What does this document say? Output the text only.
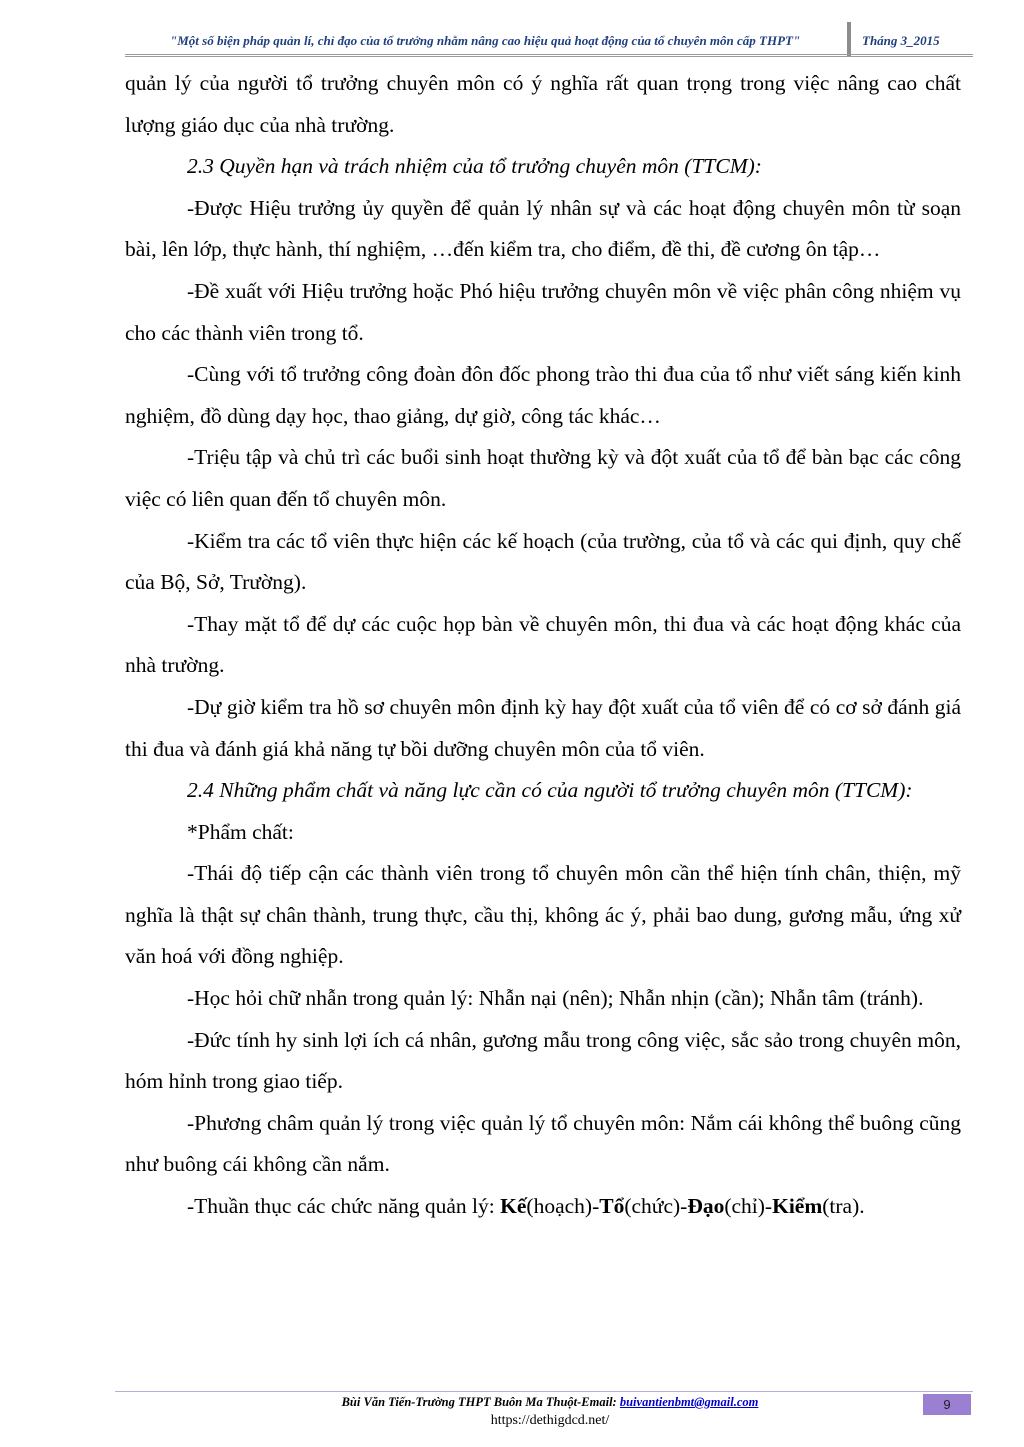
"Một số biện pháp quản lí, chỉ đạo của tổ trưởng nhằm nâng cao hiệu quả hoạt động của tổ chuyên môn cấp THPT"	Tháng 3_2015

quản lý của người tổ trưởng chuyên môn có ý nghĩa rất quan trọng trong việc nâng cao chất lượng giáo dục của nhà trường.

2.3 Quyền hạn và trách nhiệm của tổ trưởng chuyên môn (TTCM):

-Được Hiệu trưởng ủy quyền để quản lý nhân sự và các hoạt động chuyên môn từ soạn bài, lên lớp, thực hành, thí nghiệm, …đến kiểm tra, cho điểm, đề thi, đề cương ôn tập…

-Đề xuất với Hiệu trưởng hoặc Phó hiệu trưởng chuyên môn về việc phân công nhiệm vụ cho các thành viên trong tổ.

-Cùng với tổ trưởng công đoàn đôn đốc phong trào thi đua của tổ như viết sáng kiến kinh nghiệm, đồ dùng dạy học, thao giảng, dự giờ, công tác khác…

-Triệu tập và chủ trì các buổi sinh hoạt thường kỳ và đột xuất của tổ để bàn bạc các công việc có liên quan đến tổ chuyên môn.

-Kiểm tra các tổ viên thực hiện các kế hoạch (của trường, của tổ và các qui định, quy chế của Bộ, Sở, Trường).

-Thay mặt tổ để dự các cuộc họp bàn về chuyên môn, thi đua và các hoạt động khác của nhà trường.

-Dự giờ kiểm tra hồ sơ chuyên môn định kỳ hay đột xuất của tổ viên để có cơ sở đánh giá thi đua và đánh giá khả năng tự bồi dưỡng chuyên môn của tổ viên.

2.4 Những phẩm chất và năng lực cần có của người tổ trưởng chuyên môn (TTCM):

*Phẩm chất:

-Thái độ tiếp cận các thành viên trong tổ chuyên môn cần thể hiện tính chân, thiện, mỹ nghĩa là thật sự chân thành, trung thực, cầu thị, không ác ý, phải bao dung, gương mẫu, ứng xử văn hoá với đồng nghiệp.

-Học hỏi chữ nhẫn trong quản lý: Nhẫn nại (nên); Nhẫn nhịn (cần); Nhẫn tâm (tránh).

-Đức tính hy sinh lợi ích cá nhân, gương mẫu trong công việc, sắc sảo trong chuyên môn, hóm hỉnh trong giao tiếp.

-Phương châm quản lý trong việc quản lý tổ chuyên môn: Nắm cái không thể buông cũng như buông cái không cần nắm.

-Thuần thục các chức năng quản lý: Kế(hoạch)-Tổ(chức)-Đạo(chỉ)-Kiểm(tra).

Bùi Văn Tiến-Trường THPT Buôn Ma Thuột-Email: buivantienbmt@gmail.com	9
https://dethigdcd.net/
